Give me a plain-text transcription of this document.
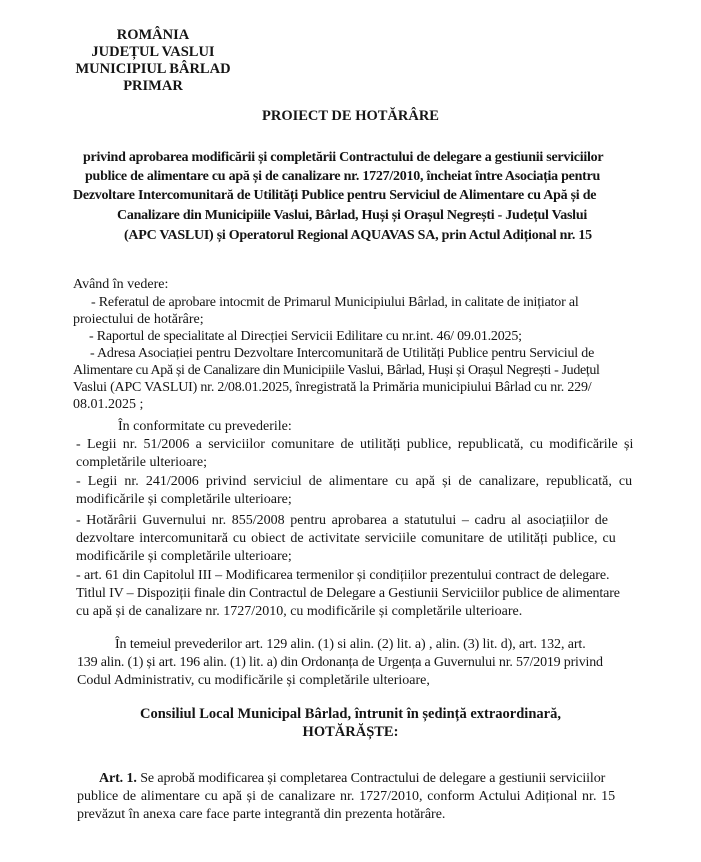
ROMÂNIA
JUDEȚUL VASLUI
MUNICIPIUL BÂRLAD
PRIMAR
PROIECT DE HOTĂRÂRE
privind aprobarea modificării și completării Contractului de delegare a gestiunii serviciilor
publice de alimentare cu apă și de canalizare nr. 1727/2010, încheiat între Asociația pentru
Dezvoltare Intercomunitară de Utilități Publice pentru Serviciul de Alimentare cu Apă și de
Canalizare din Municipiile Vaslui, Bârlad, Huși și Orașul Negrești - Județul Vaslui
(APC VASLUI) și Operatorul Regional AQUAVAS SA, prin Actul Adițional nr. 15
Având în vedere:
- Referatul de aprobare intocmit de Primarul Municipiului Bârlad, in calitate de inițiator al
proiectului de hotărâre;
- Raportul de specialitate al Direcției Servicii Edilitare cu nr.int. 46/ 09.01.2025;
- Adresa Asociației pentru Dezvoltare Intercomunitară de Utilități Publice pentru Serviciul de
Alimentare cu Apă și de Canalizare din Municipiile Vaslui, Bârlad, Huși și Orașul Negrești - Județul
Vaslui (APC VASLUI) nr. 2/08.01.2025, înregistrată la Primăria municipiului Bârlad cu nr. 229/
08.01.2025 ;
În conformitate cu prevederile:
- Legii nr. 51/2006 a serviciilor comunitare de utilități publice, republicată, cu modificările și
completările ulterioare;
- Legii nr. 241/2006 privind serviciul de alimentare cu apă și de canalizare, republicată, cu
modificările și completările ulterioare;
- Hotărârii Guvernului nr. 855/2008 pentru aprobarea a statutului – cadru al asociațiilor de
dezvoltare intercomunitară cu obiect de activitate serviciile comunitare de utilități publice, cu
modificările și completările ulterioare;
- art. 61 din Capitolul III – Modificarea termenilor și condițiilor prezentului contract de delegare.
Titlul IV – Dispoziții finale din Contractul de Delegare a Gestiunii Serviciilor publice de alimentare
cu apă și de canalizare nr. 1727/2010, cu modificările și completările ulterioare.
În temeiul prevederilor art. 129 alin. (1) si alin. (2) lit. a) , alin. (3) lit. d), art. 132, art.
139 alin. (1) și art. 196 alin. (1) lit. a) din Ordonanța de Urgența a Guvernului nr. 57/2019 privind
Codul Administrativ, cu modificările și completările ulterioare,
Consiliul Local Municipal Bârlad, întrunit în ședință extraordinară,
HOTĂRĂȘTE:
Art. 1. Se aprobă modificarea și completarea Contractului de delegare a gestiunii serviciilor
publice de alimentare cu apă și de canalizare nr. 1727/2010, conform Actului Adițional nr. 15
prevăzut în anexa care face parte integrantă din prezenta hotărâre.
